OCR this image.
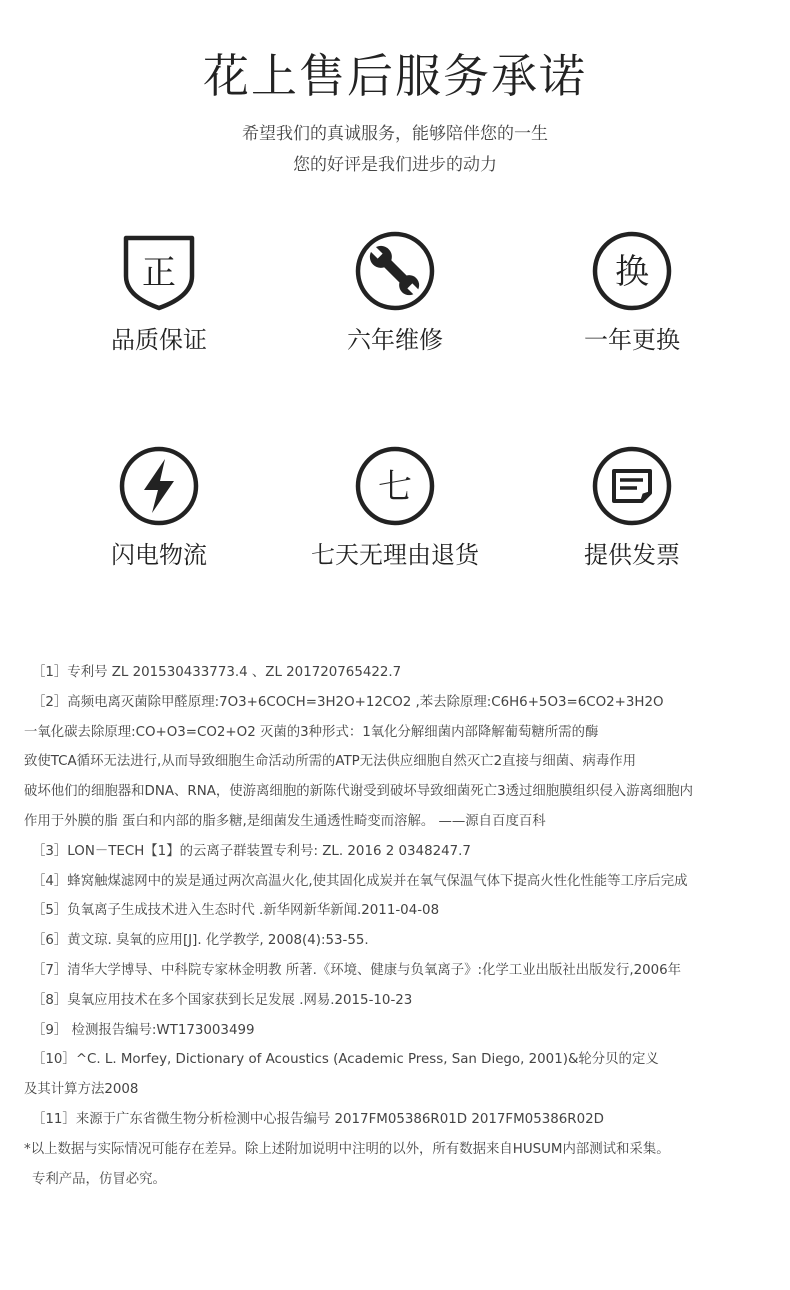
花上售后服务承诺
希望我们的真诚服务，能够陪伴您的一生
您的好评是我们进步的动力
正
品质保证	六年维修
换
一年更换
闪电物流
七
七天无理由退货	提供发票
［1］专利号 ZL 201530433773.4 、ZL 201720765422.7
［2］高频电离灭菌除甲醛原理:7O3+6COCH=3H2O+12CO2 ,苯去除原理:C6H6+5O3=6CO2+3H2O
一氧化碳去除原理:CO+O3=CO2+O2 灭菌的3种形式：1氧化分解细菌内部降解葡萄糖所需的酶
致使TCA循环无法进行,从而导致细胞生命活动所需的ATP无法供应细胞自然灭亡2直接与细菌、病毒作用
破坏他们的细胞器和DNA、RNA，使游离细胞的新陈代谢受到破坏导致细菌死亡3透过细胞膜组织侵入游离细胞内
作用于外膜的脂 蛋白和内部的脂多糖,是细菌发生通透性畸变而溶解。 ——源自百度百科
［3］LON－TECH【1】的云离子群装置专利号: ZL. 2016 2 0348247.7
［4］蜂窝触煤滤网中的炭是通过两次高温火化,使其固化成炭并在氧气保温气体下提高火性化性能等工序后完成
［5］负氧离子生成技术进入生态时代 .新华网新华新闻.2011-04-08
［6］黄文琼. 臭氧的应用[J]. 化学教学, 2008(4):53-55.
［7］清华大学博导、中科院专家林金明教 所著.《环境、健康与负氧离子》:化学工业出版社出版发行,2006年
［8］臭氧应用技术在多个国家获到长足发展 .网易.2015-10-23
［9］ 检测报告编号:WT173003499
［10］^C. L. Morfey, Dictionary of Acoustics (Academic Press, San Diego, 2001)&轮分贝的定义
及其计算方法2008
［11］来源于广东省微生物分析检测中心报告编号 2017FM05386R01D 2017FM05386R02D
*以上数据与实际情况可能存在差异。除上述附加说明中注明的以外，所有数据来自HUSUM内部测试和采集。
专利产品，仿冒必究。
